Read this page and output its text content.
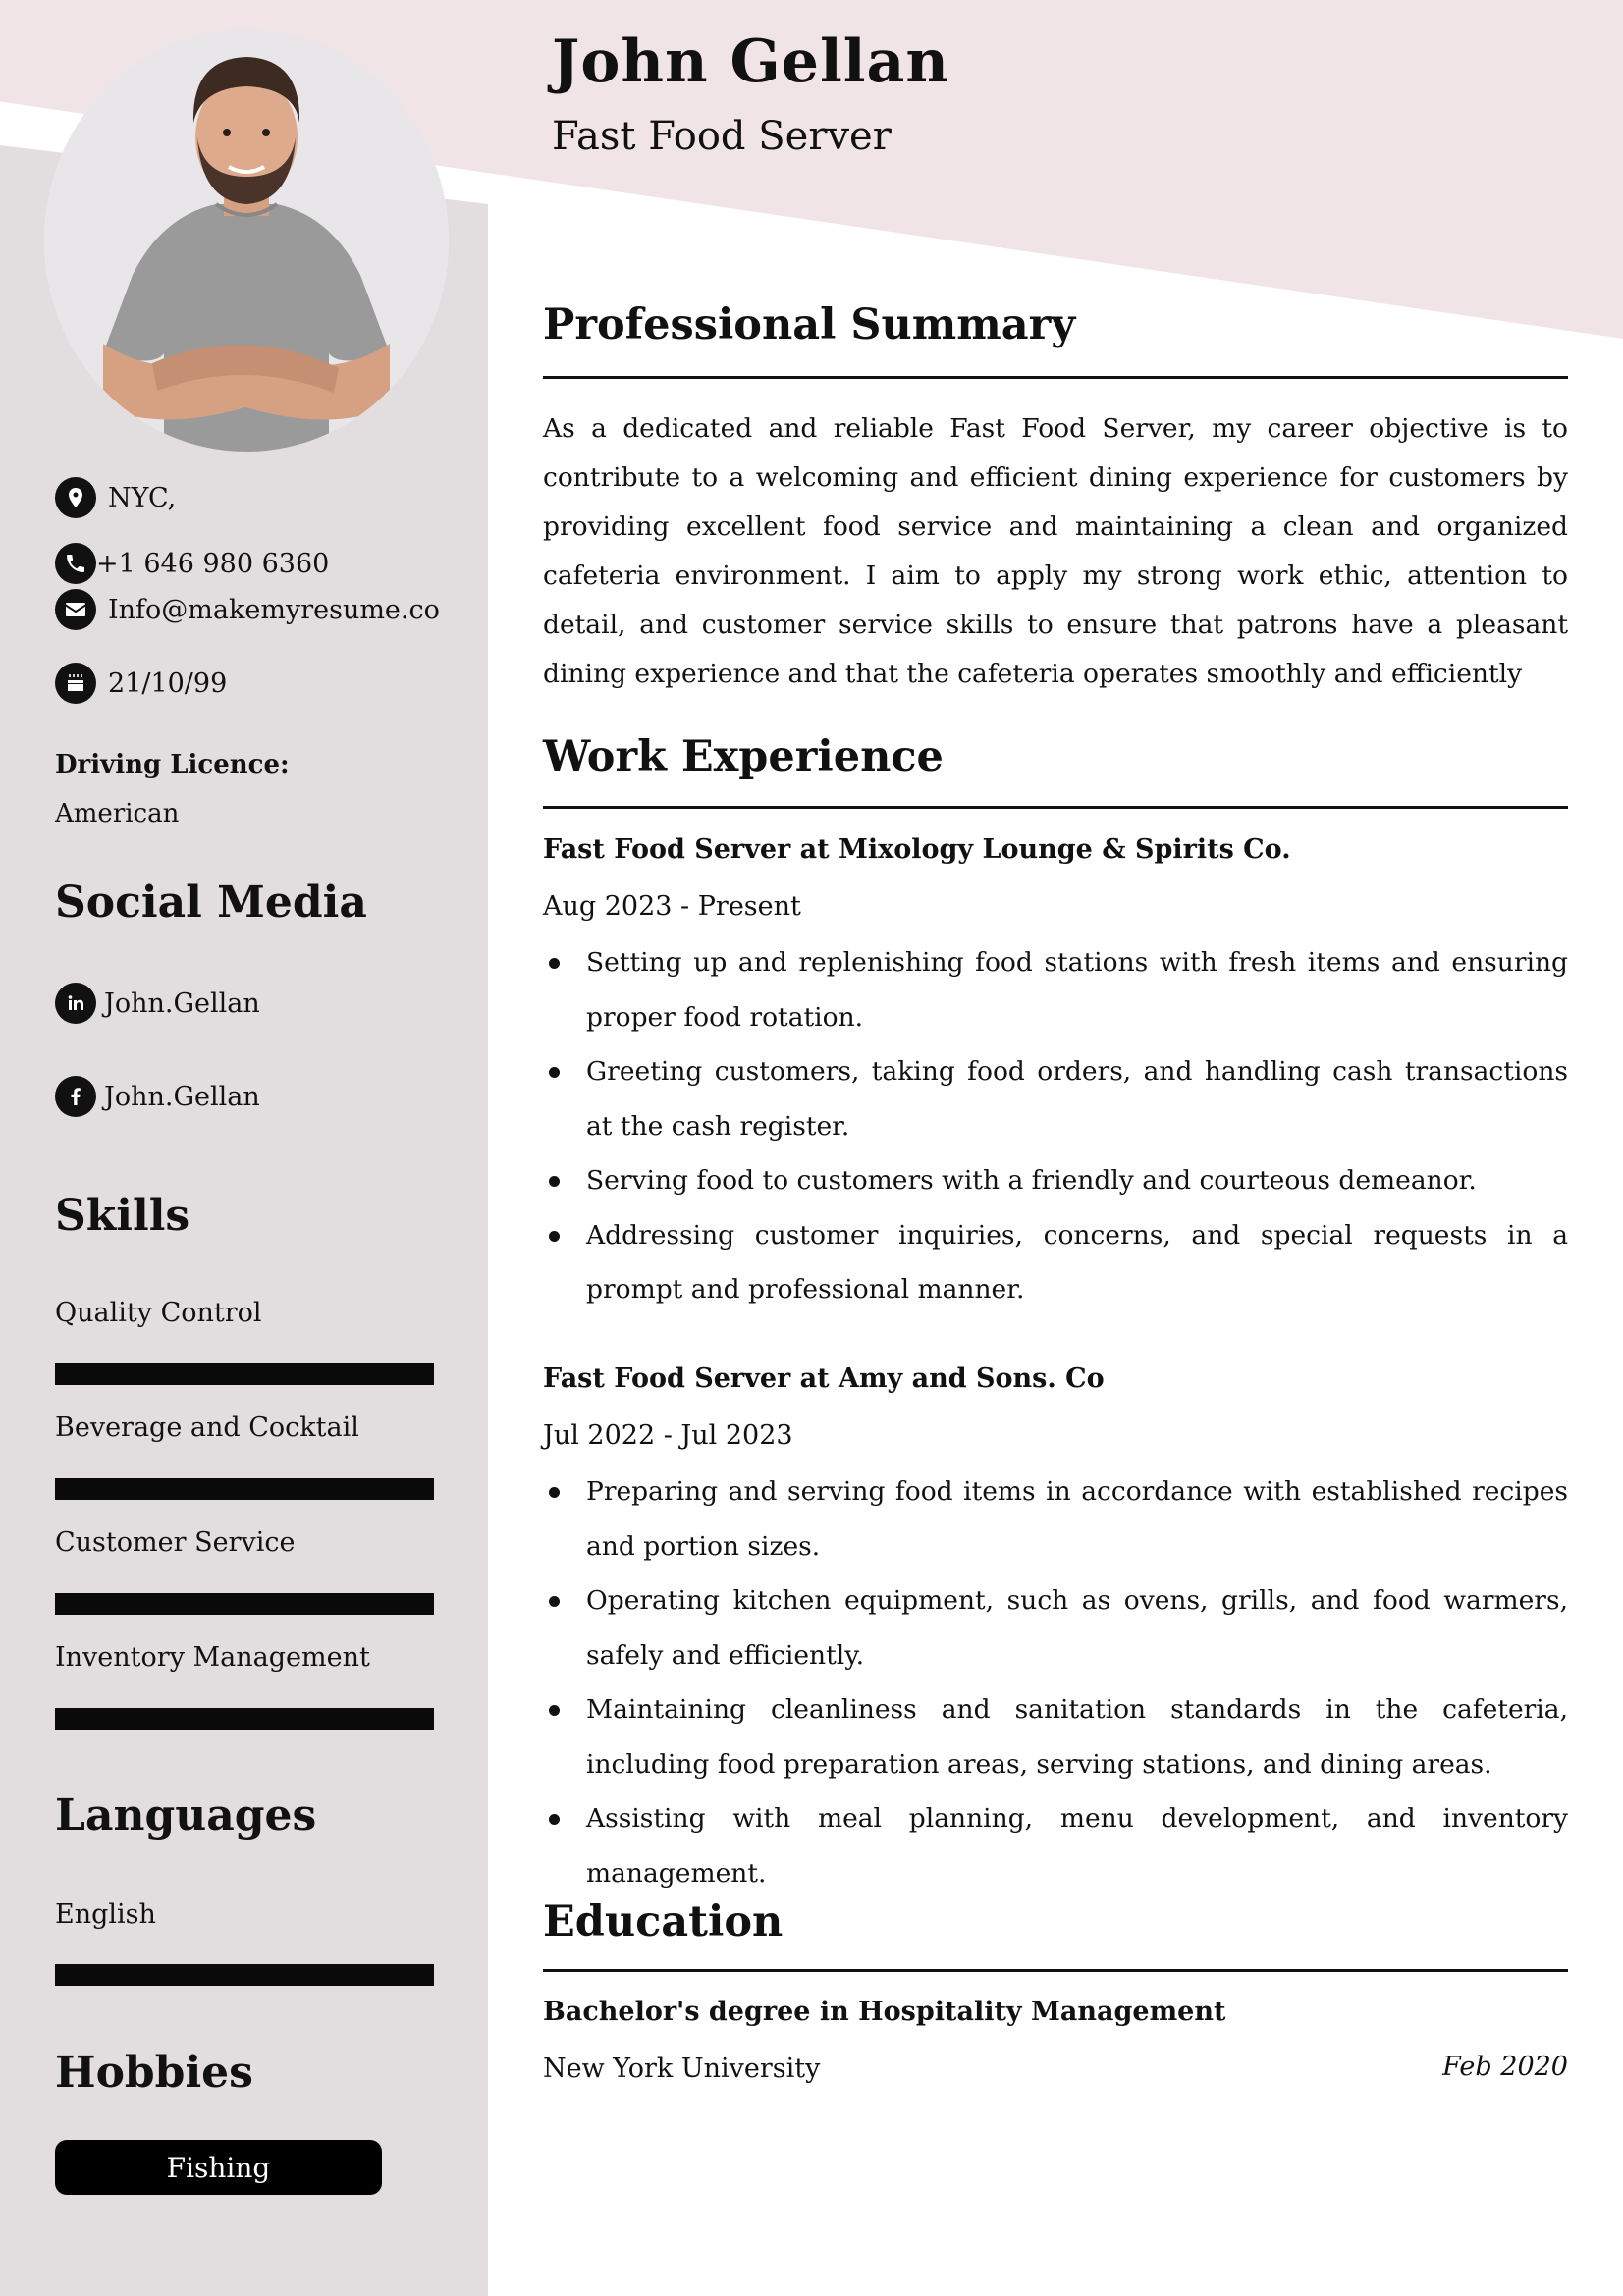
John Gellan
Fast Food Server
NYC,
+1 646 980 6360
Info@makemyresume.co
21/10/99
Driving Licence:
American
Social Media
John.Gellan
John.Gellan
Skills
Quality Control
Beverage and Cocktail
Customer Service
Inventory Management
Languages
English
Hobbies
Fishing
Professional Summary

As a dedicated and reliable Fast Food Server, my career objective is to contribute to a welcoming and efficient dining experience for customers by providing excellent food service and maintaining a clean and organized cafeteria environment. I aim to apply my strong work ethic, attention to detail, and customer service skills to ensure that patrons have a pleasant dining experience and that the cafeteria operates smoothly and efficiently

Work Experience
Fast Food Server at Mixology Lounge & Spirits Co.
Aug 2023 - Present
Setting up and replenishing food stations with fresh items and ensuring proper food rotation.
Greeting customers, taking food orders, and handling cash transactions at the cash register.
Serving food to customers with a friendly and courteous demeanor.
Addressing customer inquiries, concerns, and special requests in a prompt and professional manner.
Fast Food Server at Amy and Sons. Co
Jul 2022 - Jul 2023
Preparing and serving food items in accordance with established recipes and portion sizes.
Operating kitchen equipment, such as ovens, grills, and food warmers, safely and efficiently.
Maintaining cleanliness and sanitation standards in the cafeteria, including food preparation areas, serving stations, and dining areas.
Assisting with meal planning, menu development, and inventory management.
Education
Bachelor's degree in Hospitality Management
New York University	Feb 2020
